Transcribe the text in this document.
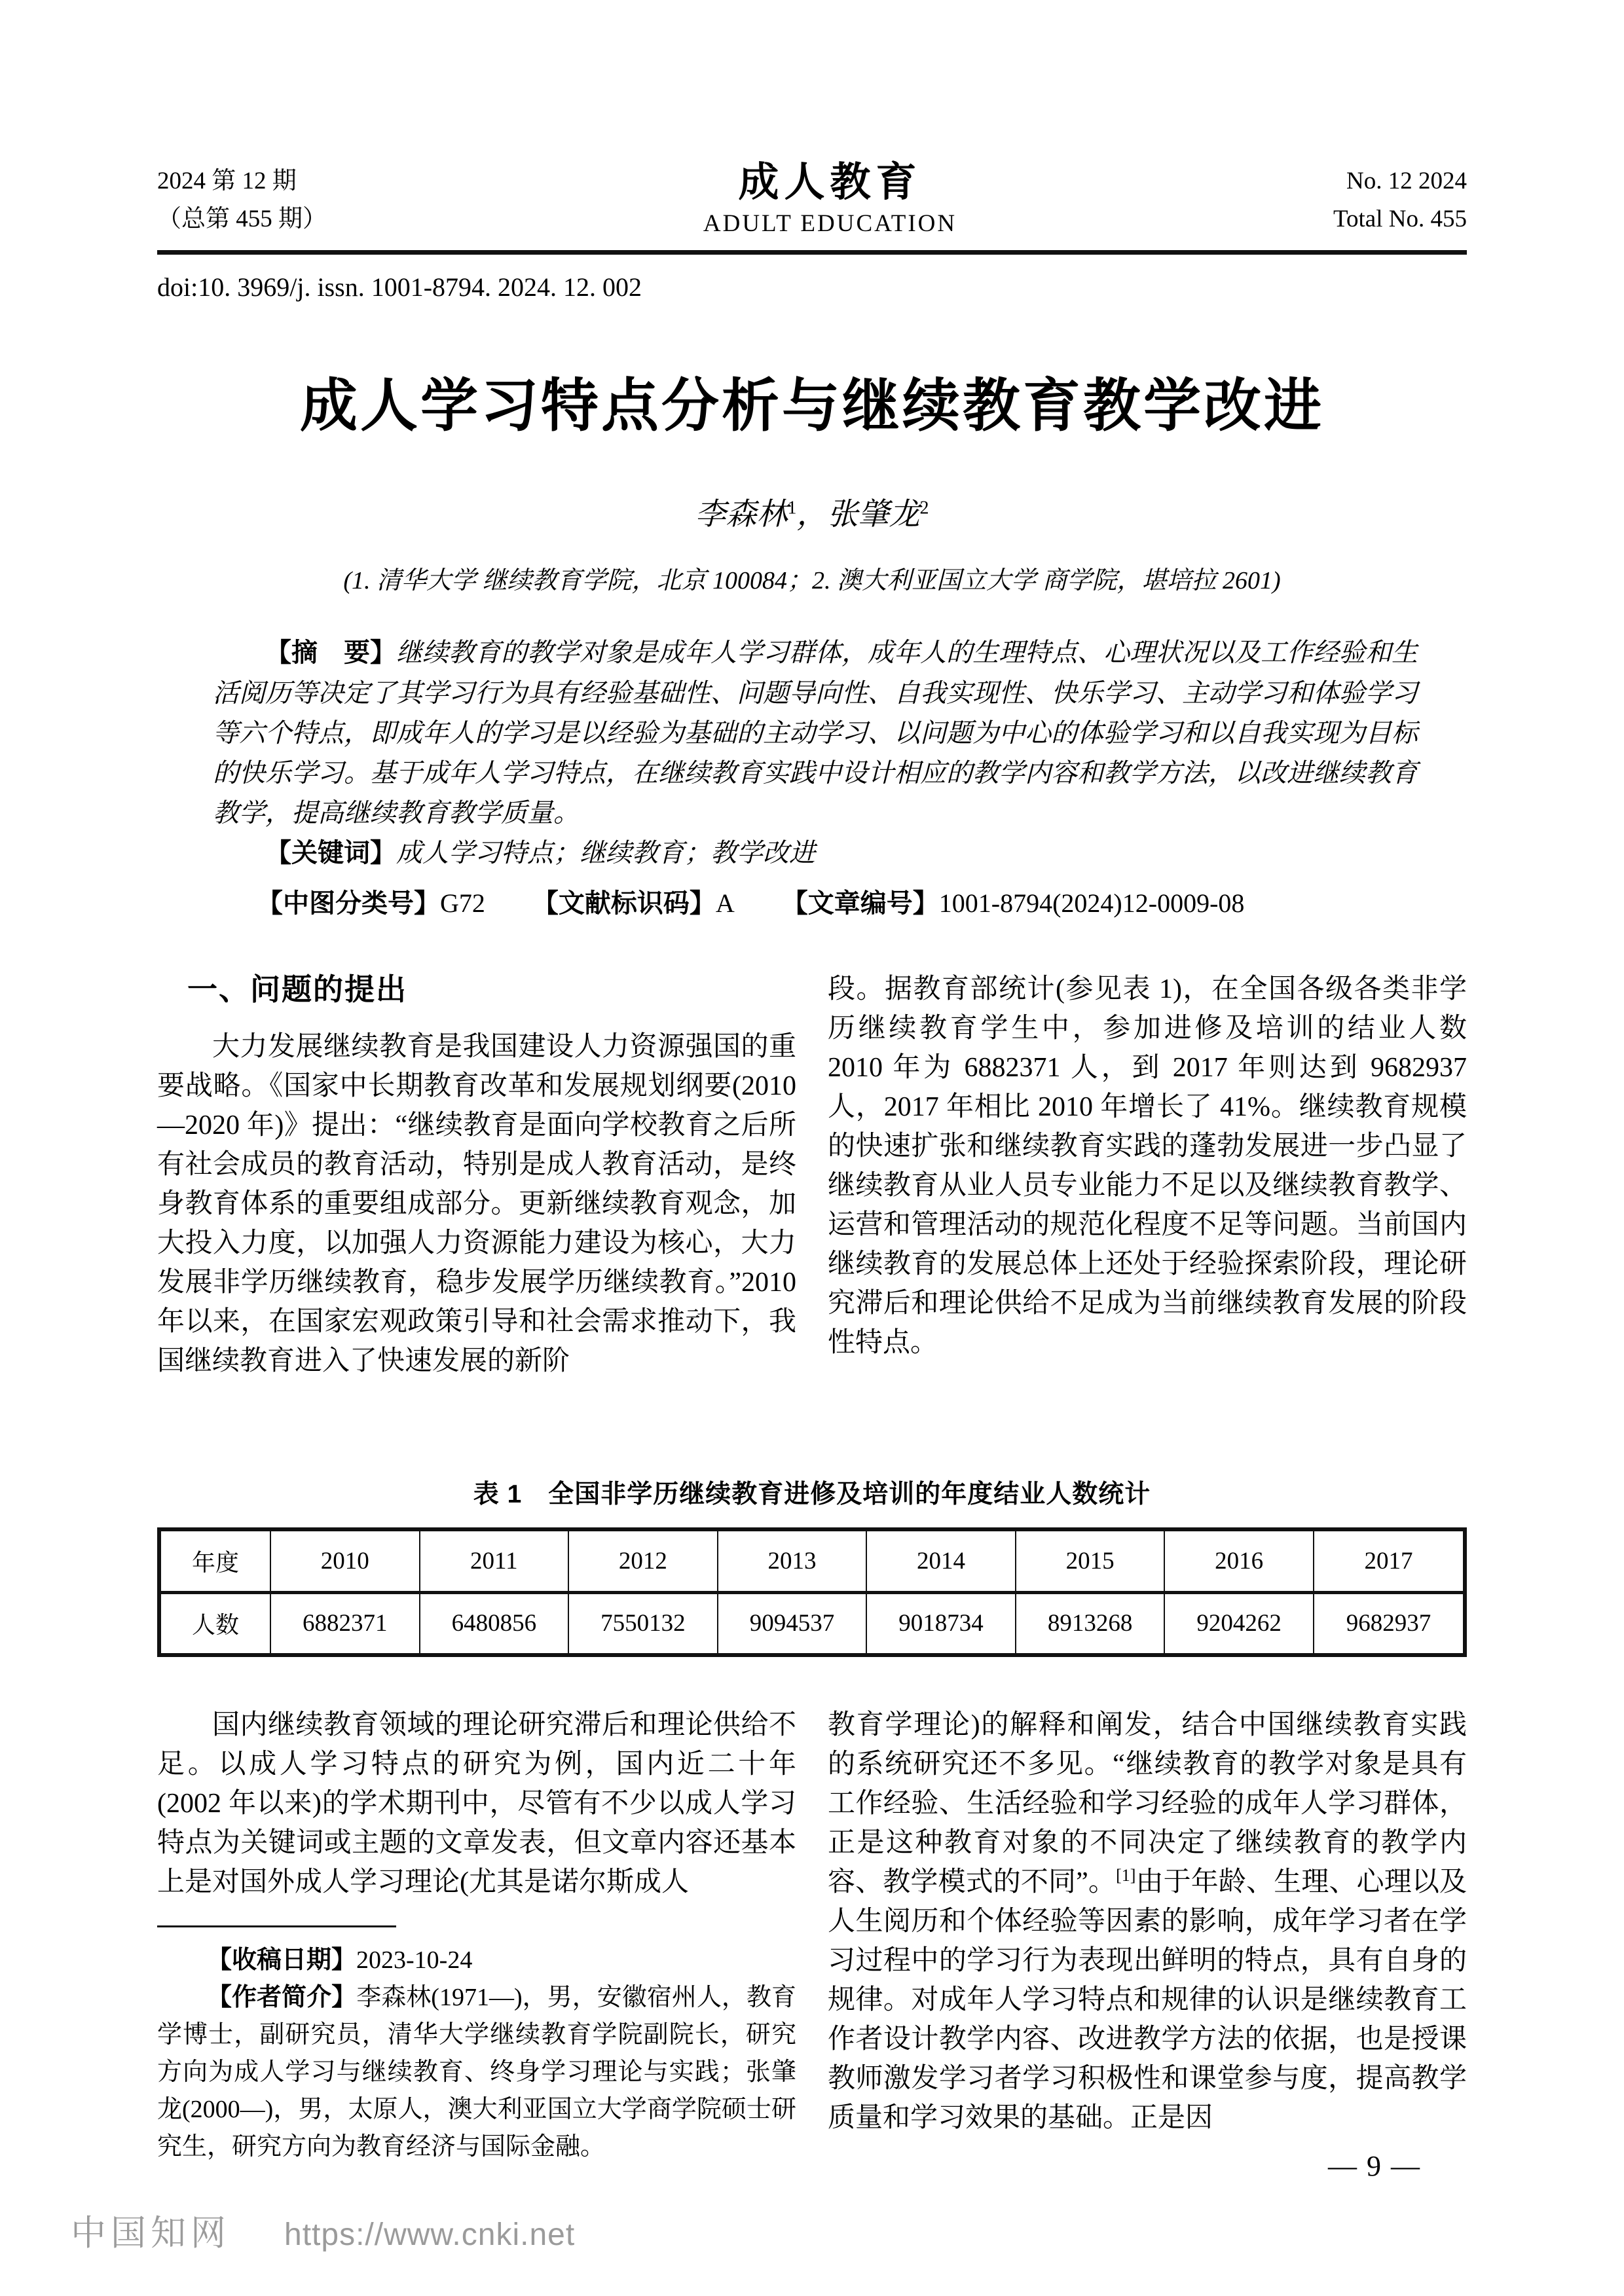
2024 第 12 期
（总第 455 期）
成人教育
ADULT EDUCATION
No. 12 2024
Total No. 455
doi:10. 3969/j. issn. 1001-8794. 2024. 12. 002
成人学习特点分析与继续教育教学改进
李森林$^1$，张肇龙$^2$
(1. 清华大学 继续教育学院，北京 100084；2. 澳大利亚国立大学 商学院，堪培拉 2601)
【摘　要】继续教育的教学对象是成年人学习群体，成年人的生理特点、心理状况以及工作经验和生活阅历等决定了其学习行为具有经验基础性、问题导向性、自我实现性、快乐学习、主动学习和体验学习等六个特点，即成年人的学习是以经验为基础的主动学习、以问题为中心的体验学习和以自我实现为目标的快乐学习。基于成年人学习特点，在继续教育实践中设计相应的教学内容和教学方法，以改进继续教育教学，提高继续教育教学质量。
【关键词】成人学习特点；继续教育；教学改进
【中图分类号】G72 【文献标识码】A 【文章编号】1001-8794(2024)12-0009-08
一、问题的提出
大力发展继续教育是我国建设人力资源强国的重要战略。《国家中长期教育改革和发展规划纲要(2010—2020 年)》提出：“继续教育是面向学校教育之后所有社会成员的教育活动，特别是成人教育活动，是终身教育体系的重要组成部分。更新继续教育观念，加大投入力度，以加强人力资源能力建设为核心，大力发展非学历继续教育，稳步发展学历继续教育。”2010 年以来，在国家宏观政策引导和社会需求推动下，我国继续教育进入了快速发展的新阶
段。据教育部统计(参见表 1)，在全国各级各类非学历继续教育学生中，参加进修及培训的结业人数 2010 年为 6882371 人，到 2017 年则达到 9682937 人，2017 年相比 2010 年增长了 41%。继续教育规模的快速扩张和继续教育实践的蓬勃发展进一步凸显了继续教育从业人员专业能力不足以及继续教育教学、运营和管理活动的规范化程度不足等问题。当前国内继续教育的发展总体上还处于经验探索阶段，理论研究滞后和理论供给不足成为当前继续教育发展的阶段性特点。
表 1　全国非学历继续教育进修及培训的年度结业人数统计
年度	2010	2011	2012	2013	2014	2015	2016	2017
人数	6882371	6480856	7550132	9094537	9018734	8913268	9204262	9682937
国内继续教育领域的理论研究滞后和理论供给不足。以成人学习特点的研究为例，国内近二十年(2002 年以来)的学术期刊中，尽管有不少以成人学习特点为关键词或主题的文章发表，但文章内容还基本上是对国外成人学习理论(尤其是诺尔斯成人
【收稿日期】2023-10-24
【作者简介】李森林(1971—)，男，安徽宿州人，教育学博士，副研究员，清华大学继续教育学院副院长，研究方向为成人学习与继续教育、终身学习理论与实践；张肇龙(2000—)，男，太原人，澳大利亚国立大学商学院硕士研究生，研究方向为教育经济与国际金融。
教育学理论)的解释和阐发，结合中国继续教育实践的系统研究还不多见。“继续教育的教学对象是具有工作经验、生活经验和学习经验的成年人学习群体，正是这种教育对象的不同决定了继续教育的教学内容、教学模式的不同”。[1]由于年龄、生理、心理以及人生阅历和个体经验等因素的影响，成年学习者在学习过程中的学习行为表现出鲜明的特点，具有自身的规律。对成年人学习特点和规律的认识是继续教育工作者设计教学内容、改进教学方法的依据，也是授课教师激发学习者学习积极性和课堂参与度，提高教学质量和学习效果的基础。正是因
— 9 —
中国知网 https://www.cnki.net
